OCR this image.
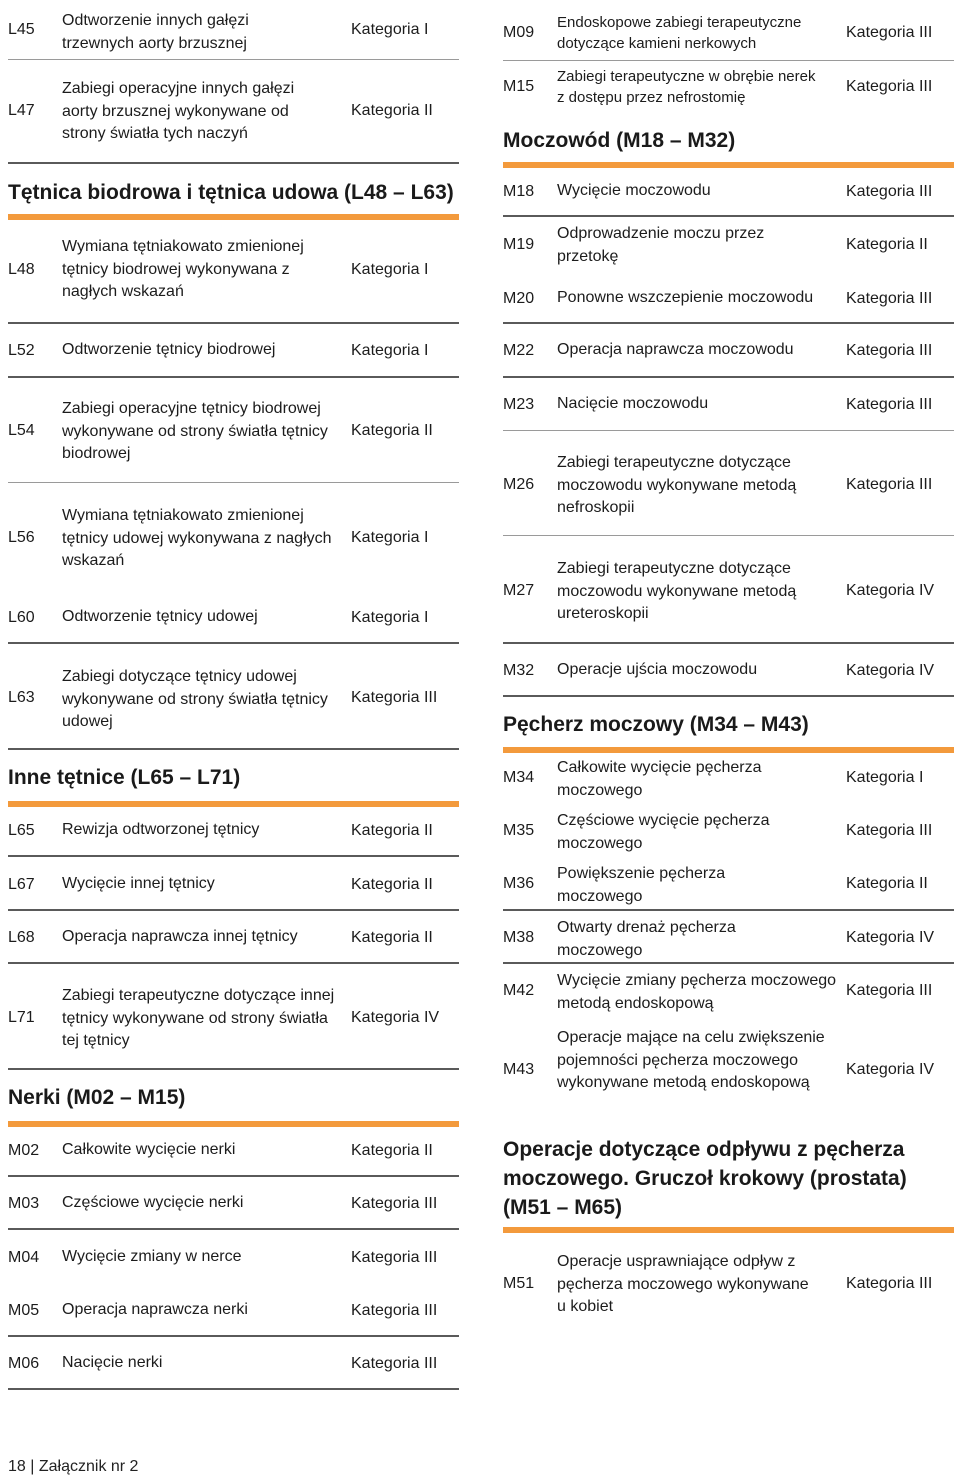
L45
Odtworzenie innych gałęzi trzewnych aorty brzusznej
Kategoria I
L47
Zabiegi operacyjne innych gałęzi aorty brzusznej wykonywane od strony światła tych naczyń
Kategoria II
Tętnica biodrowa i tętnica udowa (L48 – L63)
L48
Wymiana tętniakowato zmienionej tętnicy biodrowej wykonywana z nagłych wskazań
Kategoria I
L52 Odtworzenie tętnicy biodrowej	Kategoria I
L54
Zabiegi operacyjne tętnicy biodrowej wykonywane od strony światła tętnicy biodrowej
Kategoria II
L56
Wymiana tętniakowato zmienionej tętnicy udowej wykonywana z nagłych wskazań
Kategoria I
L60 Odtworzenie tętnicy udowej	Kategoria I
L63
Zabiegi dotyczące tętnicy udowej wykonywane od strony światła tętnicy udowej
Kategoria III
Inne tętnice (L65 – L71)
L65 Rewizja odtworzonej tętnicy	Kategoria II
L67 Wycięcie innej tętnicy	Kategoria II
L68 Operacja naprawcza innej tętnicy	Kategoria II
L71
Zabiegi terapeutyczne dotyczące innej tętnicy wykonywane od strony światła tej tętnicy
Kategoria IV
Nerki (M02 – M15)
M02 Całkowite wycięcie nerki	Kategoria II
M03 Częściowe wycięcie nerki	Kategoria III
M04 Wycięcie zmiany w nerce	Kategoria III
M05 Operacja naprawcza nerki	Kategoria III
M06 Nacięcie nerki	Kategoria III
M09
Endoskopowe zabiegi terapeutyczne dotyczące kamieni nerkowych
Kategoria III
M15
Zabiegi terapeutyczne w obrębie nerek z dostępu przez nefrostomię
Kategoria III
Moczowód (M18 – M32)
M18 Wycięcie moczowodu	Kategoria III
M19
Odprowadzenie moczu przez przetokę
Kategoria II
M20 Ponowne wszczepienie moczowodu	Kategoria III
M22 Operacja naprawcza moczowodu	Kategoria III
M23 Nacięcie moczowodu	Kategoria III
M26
Zabiegi terapeutyczne dotyczące moczowodu wykonywane metodą nefroskopii
Kategoria III
M27
Zabiegi terapeutyczne dotyczące moczowodu wykonywane metodą ureteroskopii
Kategoria IV
M32 Operacje ujścia moczowodu	Kategoria IV
Pęcherz moczowy (M34 – M43)
M34
Całkowite wycięcie pęcherza moczowego
Kategoria I
M35
Częściowe wycięcie pęcherza moczowego
Kategoria III
M36
Powiększenie pęcherza moczowego
Kategoria II
M38
Otwarty drenaż pęcherza moczowego
Kategoria IV
M42
Wycięcie zmiany pęcherza moczowego metodą endoskopową
Kategoria III
M43
Operacje mające na celu zwiększenie pojemności pęcherza moczowego wykonywane metodą endoskopową
Kategoria IV
Operacje dotyczące odpływu z pęcherza moczowego. Gruczoł krokowy (prostata) (M51 – M65)
M51
Operacje usprawniające odpływ z pęcherza moczowego wykonywane u kobiet
Kategoria III
18 | Załącznik nr 2
